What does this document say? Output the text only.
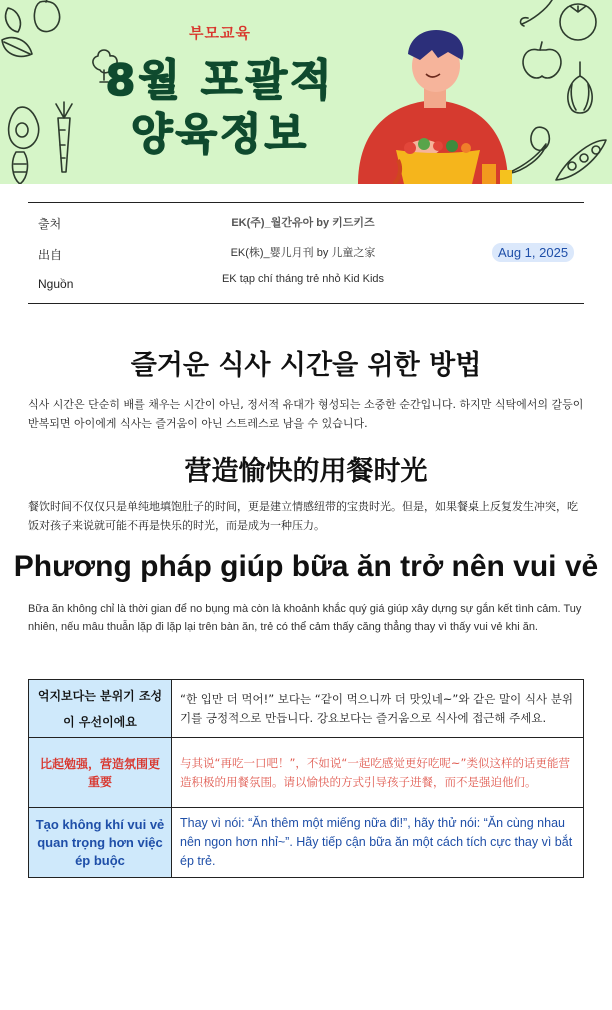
부모교육
8월 포괄적
양육정보
출처	EK(주)_월간유아 by 키드키즈
出自	EK(株)_婴儿月刊 by 儿童之家
Nguồn	EK tạp chí tháng trẻ nhỏ Kid Kids
Aug 1, 2025
즐거운 식사 시간을 위한 방법
식사 시간은 단순히 배를 채우는 시간이 아닌, 정서적 유대가 형성되는 소중한 순간입니다. 하지만 식탁에서의 갈등이 반복되면 아이에게 식사는 즐거움이 아닌 스트레스로 남을 수 있습니다.
营造愉快的用餐时光
餐饮时间不仅仅只是单纯地填饱肚子的时间，更是建立情感纽带的宝贵时光。但是，如果餐桌上反复发生冲突，吃饭对孩子来说就可能不再是快乐的时光，而是成为一种压力。
Phương pháp giúp bữa ăn trở nên vui vẻ
Bữa ăn không chỉ là thời gian để no bụng mà còn là khoảnh khắc quý giá giúp xây dựng sự gắn kết tình cảm. Tuy nhiên, nếu mâu thuẫn lặp đi lặp lại trên bàn ăn, trẻ có thể cảm thấy căng thẳng thay vì thấy vui vẻ khi ăn.
억지보다는 분위기 조성이 우선이에요	“한 입만 더 먹어!” 보다는 “같이 먹으니까 더 맛있네~”와 같은 말이 식사 분위기를 긍정적으로 만듭니다. 강요보다는 즐거움으로 식사에 접근해 주세요.
比起勉强，营造氛围更重要	与其说“再吃一口吧！”，不如说“一起吃感觉更好吃呢~”类似这样的话更能营造积极的用餐氛围。请以愉快的方式引导孩子进餐，而不是强迫他们。
Tạo không khí vui vẻ quan trọng hơn việc ép buộc	Thay vì nói: “Ăn thêm một miếng nữa đi!”, hãy thử nói: “Ăn cùng nhau nên ngon hơn nhỉ~”. Hãy tiếp cận bữa ăn một cách tích cực thay vì bắt ép trẻ.
